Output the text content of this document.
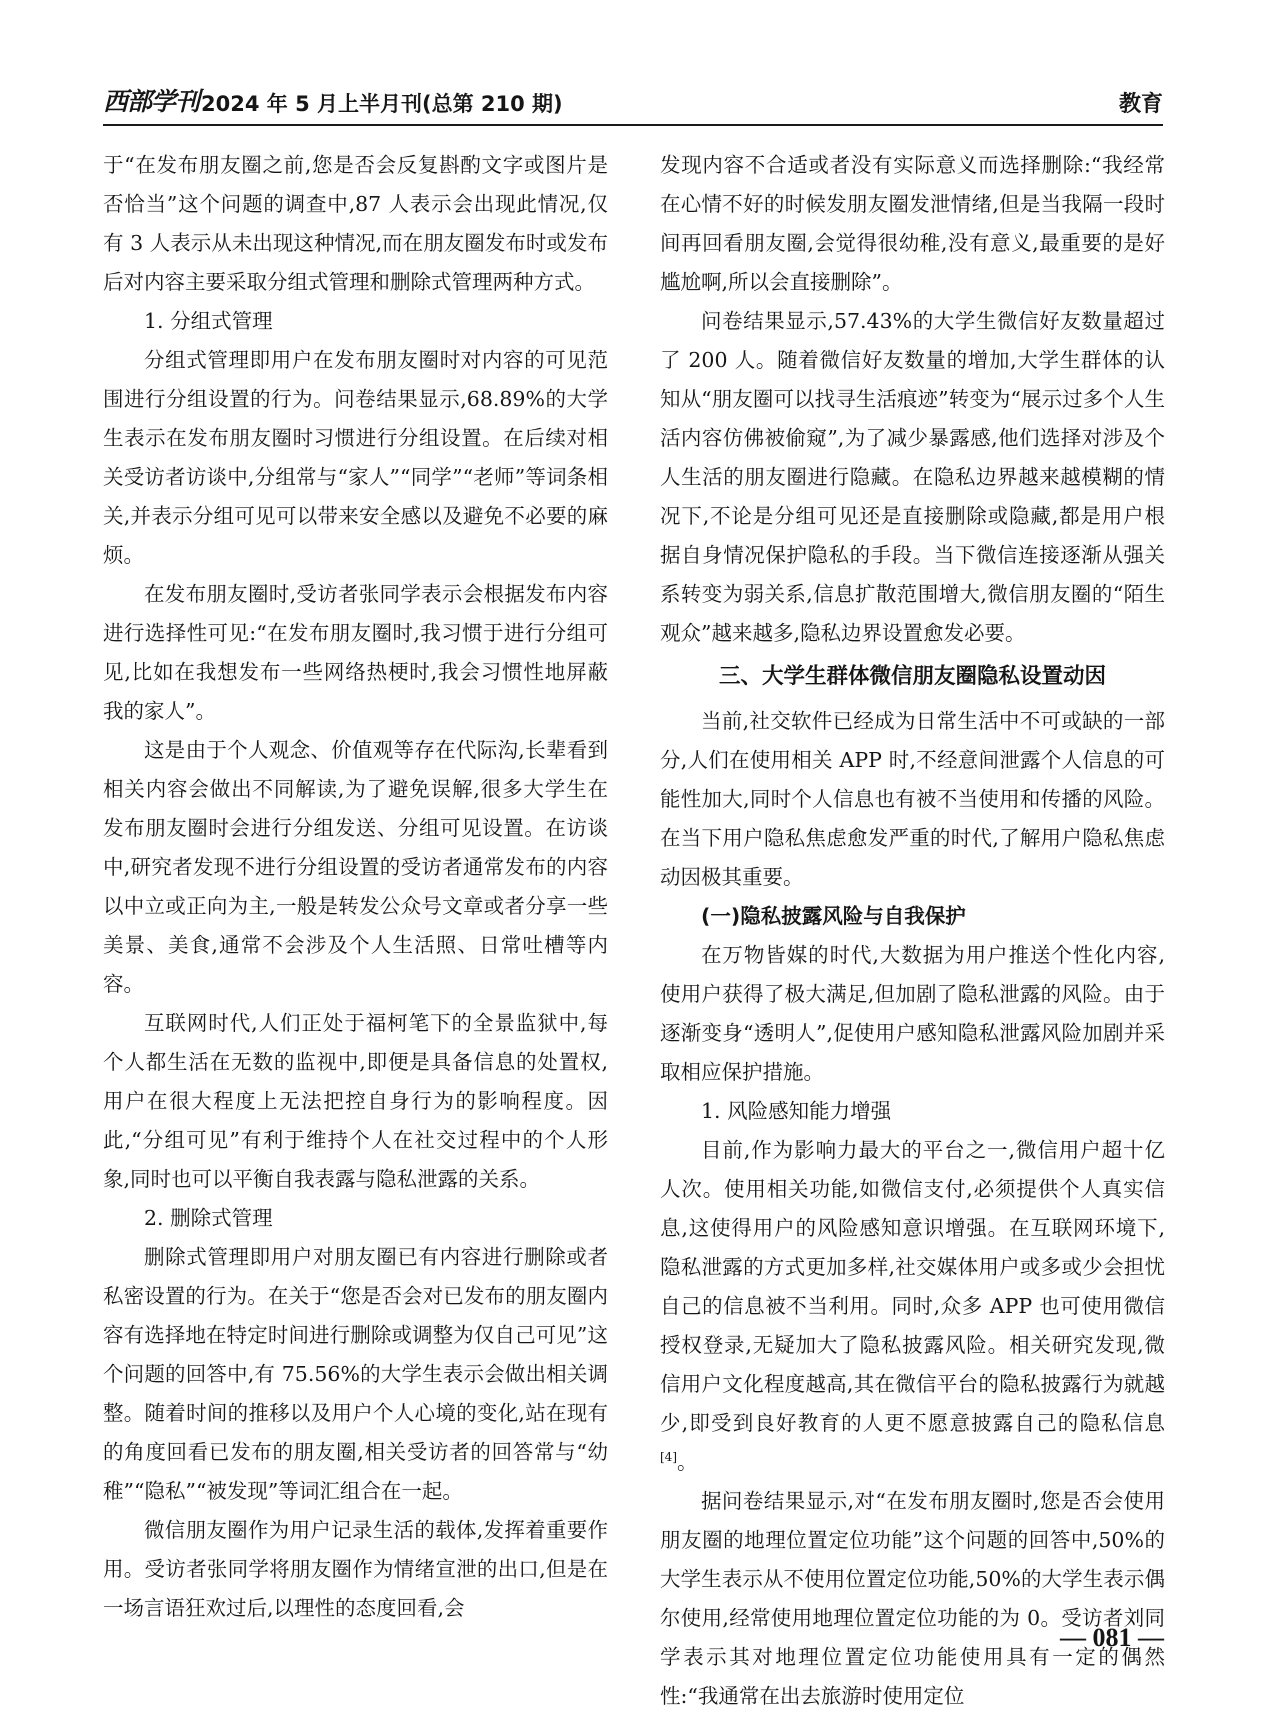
西部学刊 2024 年 5 月上半月刊(总第 210 期)	教育

于“在发布朋友圈之前,您是否会反复斟酌文字或图片是否恰当”这个问题的调查中,87 人表示会出现此情况,仅有 3 人表示从未出现这种情况,而在朋友圈发布时或发布后对内容主要采取分组式管理和删除式管理两种方式。

1. 分组式管理

分组式管理即用户在发布朋友圈时对内容的可见范围进行分组设置的行为。问卷结果显示,68.89%的大学生表示在发布朋友圈时习惯进行分组设置。在后续对相关受访者访谈中,分组常与“家人”“同学”“老师”等词条相关,并表示分组可见可以带来安全感以及避免不必要的麻烦。

在发布朋友圈时,受访者张同学表示会根据发布内容进行选择性可见:“在发布朋友圈时,我习惯于进行分组可见,比如在我想发布一些网络热梗时,我会习惯性地屏蔽我的家人”。

这是由于个人观念、价值观等存在代际沟,长辈看到相关内容会做出不同解读,为了避免误解,很多大学生在发布朋友圈时会进行分组发送、分组可见设置。在访谈中,研究者发现不进行分组设置的受访者通常发布的内容以中立或正向为主,一般是转发公众号文章或者分享一些美景、美食,通常不会涉及个人生活照、日常吐槽等内容。

互联网时代,人们正处于福柯笔下的全景监狱中,每个人都生活在无数的监视中,即便是具备信息的处置权,用户在很大程度上无法把控自身行为的影响程度。因此,“分组可见”有利于维持个人在社交过程中的个人形象,同时也可以平衡自我表露与隐私泄露的关系。

2. 删除式管理

删除式管理即用户对朋友圈已有内容进行删除或者私密设置的行为。在关于“您是否会对已发布的朋友圈内容有选择地在特定时间进行删除或调整为仅自己可见”这个问题的回答中,有 75.56%的大学生表示会做出相关调整。随着时间的推移以及用户个人心境的变化,站在现有的角度回看已发布的朋友圈,相关受访者的回答常与“幼稚”“隐私”“被发现”等词汇组合在一起。

微信朋友圈作为用户记录生活的载体,发挥着重要作用。受访者张同学将朋友圈作为情绪宣泄的出口,但是在一场言语狂欢过后,以理性的态度回看,会

发现内容不合适或者没有实际意义而选择删除:“我经常在心情不好的时候发朋友圈发泄情绪,但是当我隔一段时间再回看朋友圈,会觉得很幼稚,没有意义,最重要的是好尴尬啊,所以会直接删除”。

问卷结果显示,57.43%的大学生微信好友数量超过了 200 人。随着微信好友数量的增加,大学生群体的认知从“朋友圈可以找寻生活痕迹”转变为“展示过多个人生活内容仿佛被偷窥”,为了减少暴露感,他们选择对涉及个人生活的朋友圈进行隐藏。在隐私边界越来越模糊的情况下,不论是分组可见还是直接删除或隐藏,都是用户根据自身情况保护隐私的手段。当下微信连接逐渐从强关系转变为弱关系,信息扩散范围增大,微信朋友圈的“陌生观众”越来越多,隐私边界设置愈发必要。

三、大学生群体微信朋友圈隐私设置动因

当前,社交软件已经成为日常生活中不可或缺的一部分,人们在使用相关 APP 时,不经意间泄露个人信息的可能性加大,同时个人信息也有被不当使用和传播的风险。在当下用户隐私焦虑愈发严重的时代,了解用户隐私焦虑动因极其重要。

(一)隐私披露风险与自我保护

在万物皆媒的时代,大数据为用户推送个性化内容,使用户获得了极大满足,但加剧了隐私泄露的风险。由于逐渐变身“透明人”,促使用户感知隐私泄露风险加剧并采取相应保护措施。

1. 风险感知能力增强

目前,作为影响力最大的平台之一,微信用户超十亿人次。使用相关功能,如微信支付,必须提供个人真实信息,这使得用户的风险感知意识增强。在互联网环境下,隐私泄露的方式更加多样,社交媒体用户或多或少会担忧自己的信息被不当利用。同时,众多 APP 也可使用微信授权登录,无疑加大了隐私披露风险。相关研究发现,微信用户文化程度越高,其在微信平台的隐私披露行为就越少,即受到良好教育的人更不愿意披露自己的隐私信息[4]。

据问卷结果显示,对“在发布朋友圈时,您是否会使用朋友圈的地理位置定位功能”这个问题的回答中,50%的大学生表示从不使用位置定位功能,50%的大学生表示偶尔使用,经常使用地理位置定位功能的为 0。受访者刘同学表示其对地理位置定位功能使用具有一定的偶然性:“我通常在出去旅游时使用定位

— 081 —
